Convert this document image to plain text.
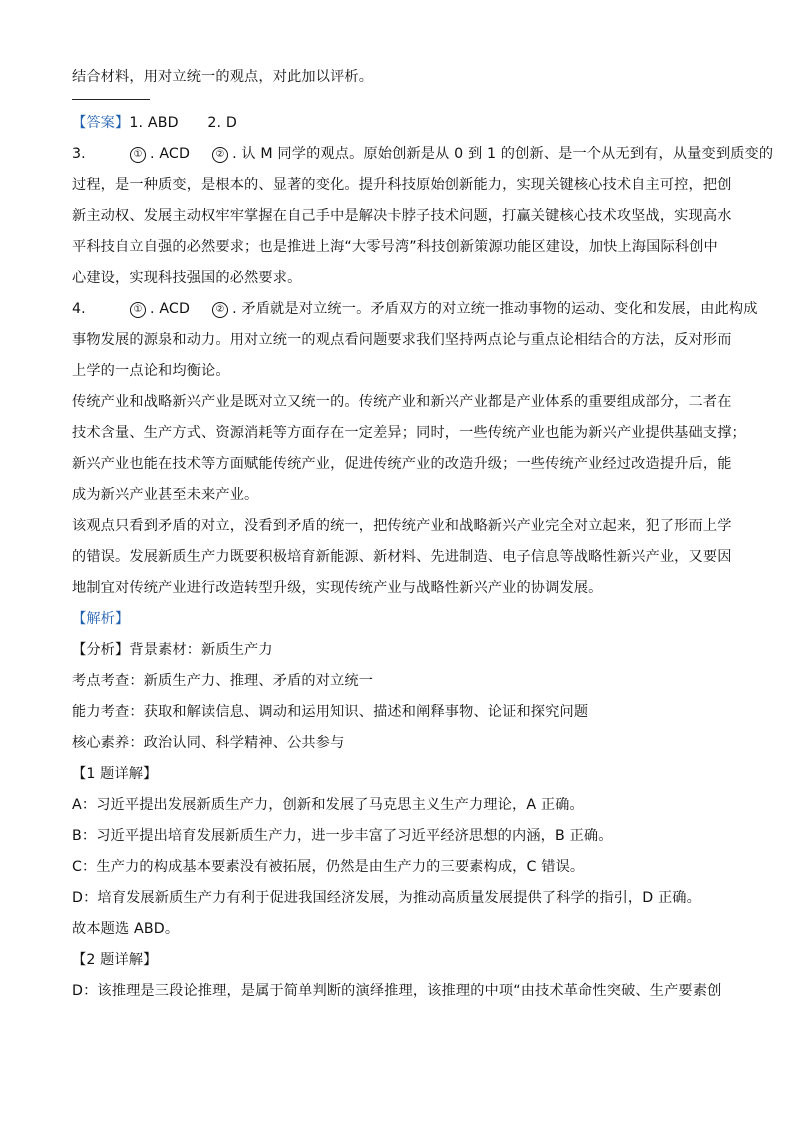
结合材料，用对立统一的观点，对此加以评析。
【答案】1. ABD　　2. D
3.	① . ACD	② . 认 M 同学的观点。原始创新是从 0 到 1 的创新、是一个从无到有，从量变到质变的
过程，是一种质变，是根本的、显著的变化。提升科技原始创新能力，实现关键核心技术自主可控，把创
新主动权、发展主动权牢牢掌握在自己手中是解决卡脖子技术问题，打赢关键核心技术攻坚战，实现高水
平科技自立自强的必然要求；也是推进上海“大零号湾”科技创新策源功能区建设，加快上海国际科创中
心建设，实现科技强国的必然要求。
4.	① . ACD	② . 矛盾就是对立统一。矛盾双方的对立统一推动事物的运动、变化和发展，由此构成
事物发展的源泉和动力。用对立统一的观点看问题要求我们坚持两点论与重点论相结合的方法，反对形而
上学的一点论和均衡论。
传统产业和战略新兴产业是既对立又统一的。传统产业和新兴产业都是产业体系的重要组成部分，二者在
技术含量、生产方式、资源消耗等方面存在一定差异；同时，一些传统产业也能为新兴产业提供基础支撑；
新兴产业也能在技术等方面赋能传统产业，促进传统产业的改造升级；一些传统产业经过改造提升后，能
成为新兴产业甚至未来产业。
该观点只看到矛盾的对立，没看到矛盾的统一，把传统产业和战略新兴产业完全对立起来，犯了形而上学
的错误。发展新质生产力既要积极培育新能源、新材料、先进制造、电子信息等战略性新兴产业，又要因
地制宜对传统产业进行改造转型升级，实现传统产业与战略性新兴产业的协调发展。
【解析】
【分析】背景素材：新质生产力
考点考查：新质生产力、推理、矛盾的对立统一
能力考查：获取和解读信息、调动和运用知识、描述和阐释事物、论证和探究问题
核心素养：政治认同、科学精神、公共参与
【1 题详解】
A：习近平提出发展新质生产力，创新和发展了马克思主义生产力理论，A 正确。
B：习近平提出培育发展新质生产力，进一步丰富了习近平经济思想的内涵，B 正确。
C：生产力的构成基本要素没有被拓展，仍然是由生产力的三要素构成，C 错误。
D：培育发展新质生产力有利于促进我国经济发展，为推动高质量发展提供了科学的指引，D 正确。
故本题选 ABD。
【2 题详解】
D：该推理是三段论推理，是属于简单判断的演绎推理，该推理的中项“由技术革命性突破、生产要素创
